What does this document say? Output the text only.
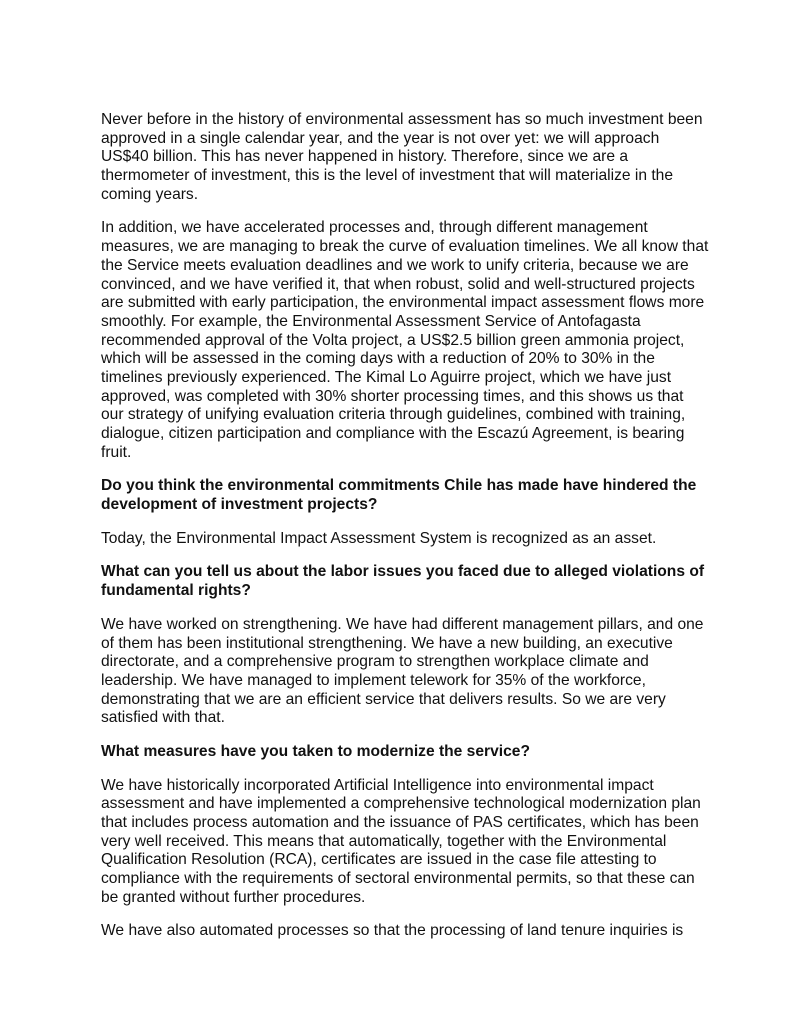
Never before in the history of environmental assessment has so much investment been
approved in a single calendar year, and the year is not over yet: we will approach
US$40 billion. This has never happened in history. Therefore, since we are a
thermometer of investment, this is the level of investment that will materialize in the
coming years.
In addition, we have accelerated processes and, through different management
measures, we are managing to break the curve of evaluation timelines. We all know that
the Service meets evaluation deadlines and we work to unify criteria, because we are
convinced, and we have verified it, that when robust, solid and well-structured projects
are submitted with early participation, the environmental impact assessment flows more
smoothly. For example, the Environmental Assessment Service of Antofagasta
recommended approval of the Volta project, a US$2.5 billion green ammonia project,
which will be assessed in the coming days with a reduction of 20% to 30% in the
timelines previously experienced. The Kimal Lo Aguirre project, which we have just
approved, was completed with 30% shorter processing times, and this shows us that
our strategy of unifying evaluation criteria through guidelines, combined with training,
dialogue, citizen participation and compliance with the Escazú Agreement, is bearing
fruit.
Do you think the environmental commitments Chile has made have hindered the
development of investment projects?
Today, the Environmental Impact Assessment System is recognized as an asset.
What can you tell us about the labor issues you faced due to alleged violations of
fundamental rights?
We have worked on strengthening. We have had different management pillars, and one
of them has been institutional strengthening. We have a new building, an executive
directorate, and a comprehensive program to strengthen workplace climate and
leadership. We have managed to implement telework for 35% of the workforce,
demonstrating that we are an efficient service that delivers results. So we are very
satisfied with that.
What measures have you taken to modernize the service?
We have historically incorporated Artificial Intelligence into environmental impact
assessment and have implemented a comprehensive technological modernization plan
that includes process automation and the issuance of PAS certificates, which has been
very well received. This means that automatically, together with the Environmental
Qualification Resolution (RCA), certificates are issued in the case file attesting to
compliance with the requirements of sectoral environmental permits, so that these can
be granted without further procedures.
We have also automated processes so that the processing of land tenure inquiries is
